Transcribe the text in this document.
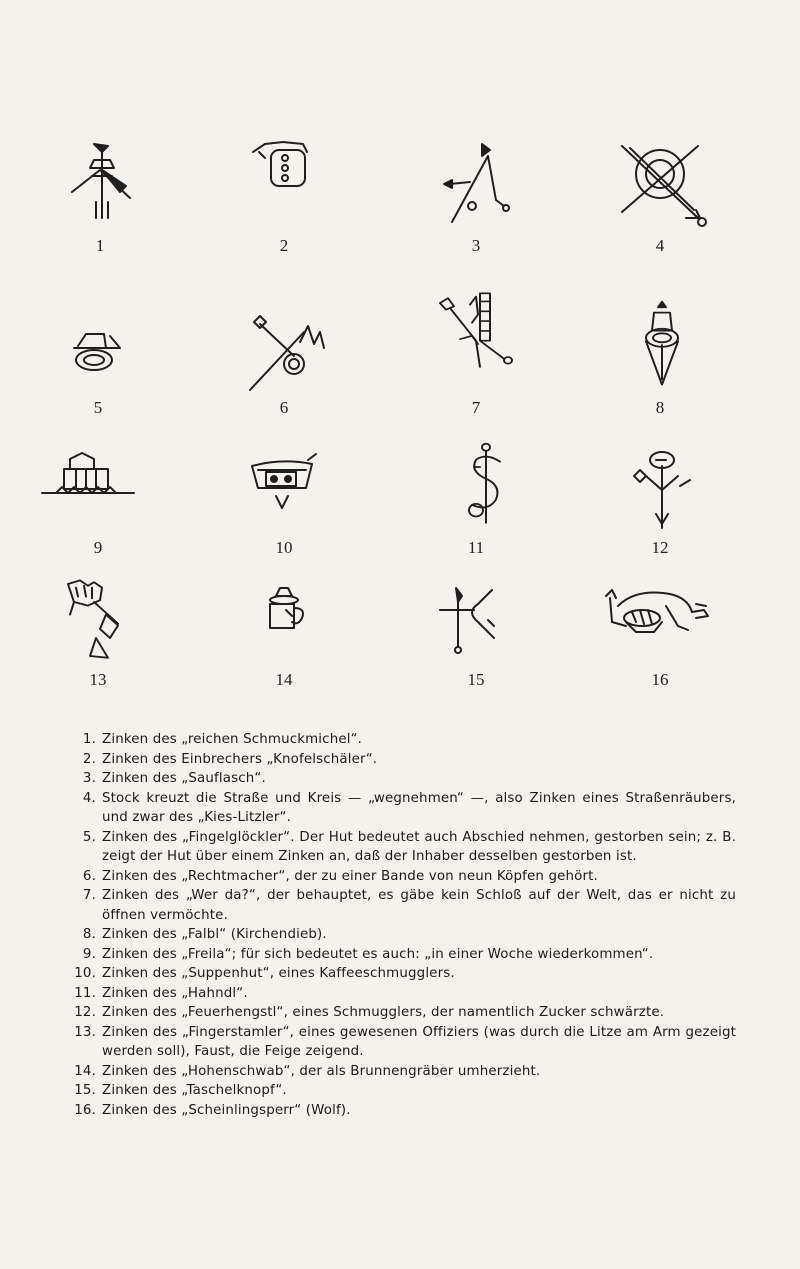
1	2	3	4
5	6	7	8
9	10	11	12
13	14	15	16
1. Zinken des „reichen Schmuckmichel“.
2. Zinken des Einbrechers „Knofelschäler“.
3. Zinken des „Sauflasch“.
4. Stock kreuzt die Straße und Kreis — „wegnehmen“ —, also Zinken eines Straßenräubers, und zwar des „Kies-Litzler“.
5. Zinken des „Fingelglöckler“. Der Hut bedeutet auch Abschied nehmen, gestorben sein; z. B. zeigt der Hut über einem Zinken an, daß der Inhaber desselben gestorben ist.
6. Zinken des „Rechtmacher“, der zu einer Bande von neun Köpfen gehört.
7. Zinken des „Wer da?“, der behauptet, es gäbe kein Schloß auf der Welt, das er nicht zu öffnen vermöchte.
8. Zinken des „Falbl“ (Kirchendieb).
9. Zinken des „Freila“; für sich bedeutet es auch: „in einer Woche wiederkommen“.
10. Zinken des „Suppenhut“, eines Kaffeeschmugglers.
11. Zinken des „Hahndl“.
12. Zinken des „Feuerhengstl“, eines Schmugglers, der namentlich Zucker schwärzte.
13. Zinken des „Fingerstamler“, eines gewesenen Offiziers (was durch die Litze am Arm gezeigt werden soll), Faust, die Feige zeigend.
14. Zinken des „Hohenschwab“, der als Brunnengräber umherzieht.
15. Zinken des „Taschelknopf“.
16. Zinken des „Scheinlingsperr“ (Wolf).
